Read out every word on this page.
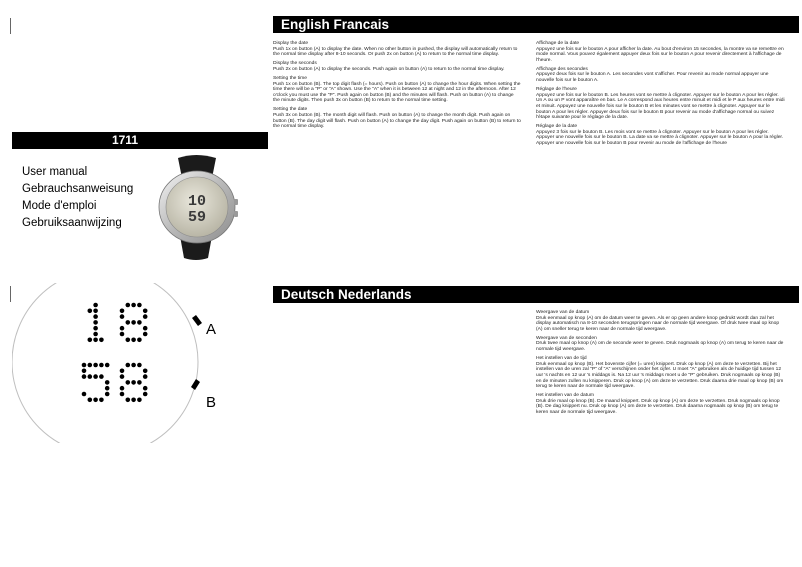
1711
User manual
Gebrauchsanweisung
Mode d'emploi
Gebruiksaanwijzing
10
59
A
B
English Francais
Deutsch Nederlands

Display the date
Push 1x on button (A) to display the date. When no other button in pushed, the display will automatically return to the normal time display after 8-10 seconds. Or push 2x on button (A) to return to the normal time display.

Display the seconds
Push 2x on button (A) to display the seconds. Push again on button (A) to return to the normal time display.

Setting the time
Push 1x on button (B). The top digit flash (= hours). Push on button (A) to change the hour digits. When setting the time there will be a "P" or "A" shown. Use the "A" when it is between 12 at night and 12 in the afternoon. After 12 o'clock you must use the "P". Push again on button (B) and the minutes will flash. Push on button (A) to change the minute digits. Then push 3x on button (B) to return to the normal time setting.

Setting the date
Push 3x on button (B). The month digit will flash. Push on button (A) to change the month digit. Push again on button (B). The day digit will flash. Push on button (A) to change the day digit. Push again on button (B) to return to the normal time display.

Affichage de la date
Appuyez une fois sur le bouton A pour afficher la date. Au bout d'environ 15 secondes, la montre va se remettre en mode normal. Vous pouvez également appuyer deux fois sur le bouton A pour revenir directement à l'affichage de l'heure.

Affichage des secondes
Appuyez deux fois sur le bouton A. Les secondes vont s'afficher. Pour revenir au mode normal appuyer une nouvelle fois sur le bouton A.

Réglage de l'heure
Appuyez une fois sur le bouton B. Les heures vont se mettre à clignoter. Appuyer sur le bouton A pour les régler. Un A ou un P vont apparaître en bas. Le A correspond aux heures entre minuit et midi et le P aux heures entre midi et minuit. Appuyez une nouvelle fois sur le bouton B et les minutes vont se mettre à clignoter. Appuyer sur le bouton A pour les régler. Appuyer deux fois sur le bouton B pour revenir au mode d'affichage normal ou suivez l'étape suivante pour le réglage de la date.

Réglage de la date
Appuyez 3 fois sur le bouton B. Les mois vont se mettre à clignoter. Appuyer sur le bouton A pour les régler. Appuyer une nouvelle fois sur le bouton B. La date va se mettre à clignoter. Appuyer sur le bouton A pour la régler. Appuyer une nouvelle fois sur le bouton B pour revenir au mode de l'affichage de l'heure

Weergave van de datum
Druk eenmaal op knop (A) om de datum weer te geven. Als er op geen andere knop gedrukt wordt dan zal het display automatisch na 8-10 seconden terugspringen naar de normale tijd weergave. Of druk twee maal op knop (A) om sneller terug te keren naar de normale tijd weergave.

Weergave van de seconden
Druk twee maal op knop (A) om de seconde weer te geven. Druk nogmaals op knop (A) om terug te keren naar de normale tijd weergave.

Het instellen van de tijd
Druk eenmaal op knop (B). Het bovenste cijfer (= uren) knippert. Druk op knop (A) om deze te verzetten. Bij het instellen van de uren zal "P" of "A" verschijnen onder het cijfer. U moet "A" gebruiken als de huidige tijd tussen 12 uur 's nachts en 12 uur 's middags is. Na 12 uur 's middags moet u de "P" gebruiken. Druk nogmaals op knop (B) en de minuten zullen nu knipperen. Druk op knop (A) om deze te verzetten. Druk daarna drie maal op knop (B) om terug te keren naar de normale tijd weergave.

Het instellen van de datum
Druk drie maal op knop (B). De maand knippert. Druk op knop (A) om deze te verzetten. Druk nogmaals op knop (B). De dag knippert nu. Druk op knop (A) om deze te verzetten. Druk daarna nogmaals op knop (B) om terug te keren naar de normale tijd weergave.
